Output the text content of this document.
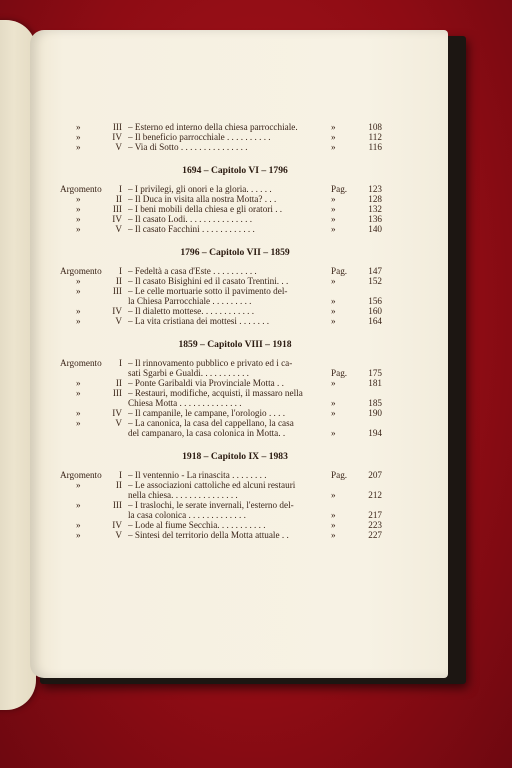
»	III – Esterno ed interno della chiesa parrocchiale.	»	108
»	IV – Il beneficio parrocchiale . . . . . . . . . .	»	112
»	V – Via di Sotto . . . . . . . . . . . . . . .	»	116
1694 – Capitolo VI – 1796
Argomento	I – I privilegi, gli onori e la gloria. . . . . .	Pag.	123
»	II – Il Duca in visita alla nostra Motta? . . .	»	128
»	III – I beni mobili della chiesa e gli oratori . .	»	132
»	IV – Il casato Lodi. . . . . . . . . . . . . . .	»	136
»	V – Il casato Facchini . . . . . . . . . . . .	»	140
1796 – Capitolo VII – 1859
Argomento	I – Fedeltà a casa d'Este . . . . . . . . . .	Pag.	147
»	II – Il casato Bisighini ed il casato Trentini. . .	»	152
»	III – Le celle mortuarie sotto il pavimento del-
la Chiesa Parrocchiale . . . . . . . . .	»	156
»	IV – Il dialetto mottese. . . . . . . . . . . .	»	160
»	V – La vita cristiana dei mottesi . . . . . . .	»	164
1859 – Capitolo VIII – 1918
Argomento	I – Il rinnovamento pubblico e privato ed i ca-
sati Sgarbi e Gualdi. . . . . . . . . . .	Pag.	175
»	II – Ponte Garibaldi via Provinciale Motta . .	»	181
»	III – Restauri, modifiche, acquisti, il massaro nella
Chiesa Motta . . . . . . . . . . . . . .	»	185
»	IV – Il campanile, le campane, l'orologio . . . .	»	190
»	V – La canonica, la casa del cappellano, la casa
del campanaro, la casa colonica in Motta. .	»	194
1918 – Capitolo IX – 1983
Argomento	I – Il ventennio - La rinascita . . . . . . . .	Pag.	207
»	II – Le associazioni cattoliche ed alcuni restauri
nella chiesa. . . . . . . . . . . . . . .	»	212
»	III – I traslochi, le serate invernali, l'esterno del-
la casa colonica . . . . . . . . . . . . .	»	217
»	IV – Lode al fiume Secchia. . . . . . . . . . .	»	223
»	V – Sintesi del territorio della Motta attuale . .	»	227
